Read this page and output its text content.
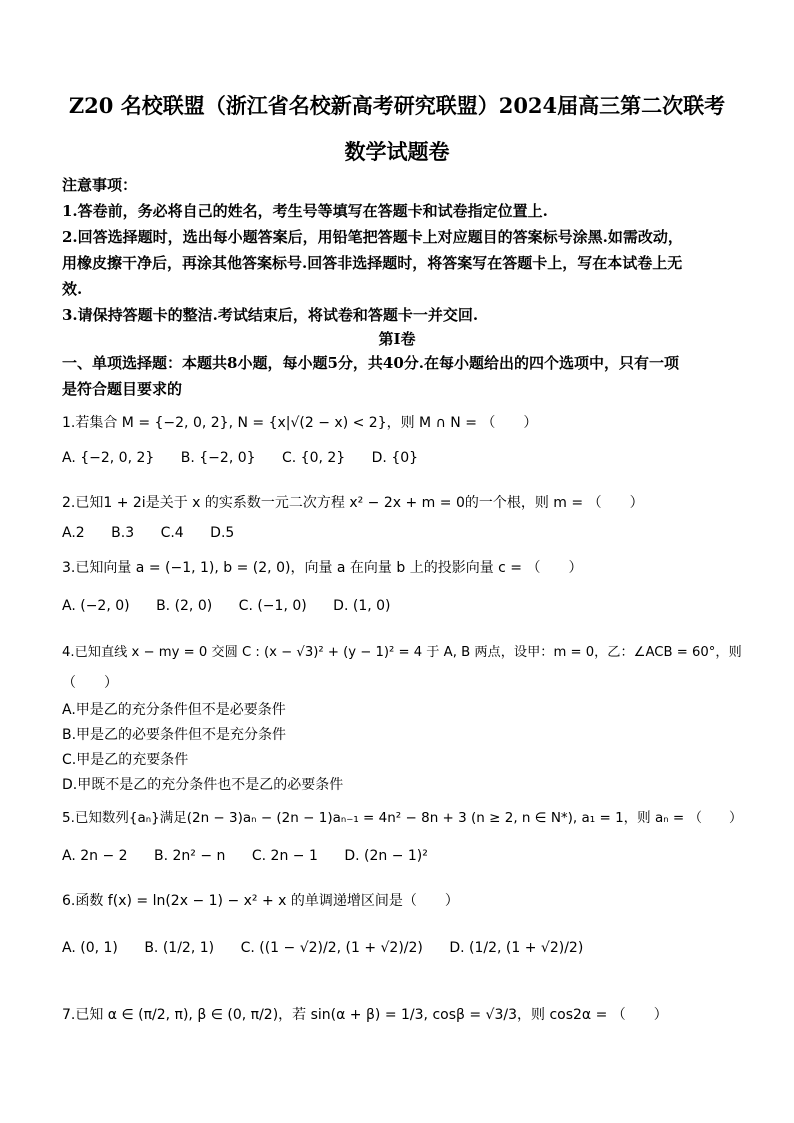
Z20 名校联盟（浙江省名校新高考研究联盟）2024届高三第二次联考
数学试题卷
注意事项：
1.答卷前，务必将自己的姓名，考生号等填写在答题卡和试卷指定位置上.
2.回答选择题时，选出每小题答案后，用铅笔把答题卡上对应题目的答案标号涂黑.如需改动，
用橡皮擦干净后，再涂其他答案标号.回答非选择题时，将答案写在答题卡上，写在本试卷上无
效.
3.请保持答题卡的整洁.考试结束后，将试卷和答题卡一并交回.
第Ⅰ卷
一、单项选择题：本题共8小题，每小题5分，共40分.在每小题给出的四个选项中，只有一项
是符合题目要求的
1.若集合 M = {−2, 0, 2}, N = {x|√(2 − x) < 2}，则 M ∩ N = （　　）
A. {−2, 0, 2} B. {−2, 0} C. {0, 2} D. {0}
2.已知1 + 2i是关于 x 的实系数一元二次方程 x² − 2x + m = 0的一个根，则 m = （　　）
A.2 B.3 C.4 D.5
3.已知向量 a = (−1, 1), b = (2, 0)，向量 a 在向量 b 上的投影向量 c = （　　）
A. (−2, 0) B. (2, 0) C. (−1, 0) D. (1, 0)
4.已知直线 x − my = 0 交圆 C : (x − √3)² + (y − 1)² = 4 于 A, B 两点，设甲：m = 0，乙：∠ACB = 60°，则
（　　）
A.甲是乙的充分条件但不是必要条件
B.甲是乙的必要条件但不是充分条件
C.甲是乙的充要条件
D.甲既不是乙的充分条件也不是乙的必要条件
5.已知数列{aₙ}满足(2n − 3)aₙ − (2n − 1)aₙ₋₁ = 4n² − 8n + 3 (n ≥ 2, n ∈ N*), a₁ = 1，则 aₙ = （　　）
A. 2n − 2 B. 2n² − n C. 2n − 1 D. (2n − 1)²
6.函数 f(x) = ln(2x − 1) − x² + x 的单调递增区间是（　　）
A. (0, 1) B. (1/2, 1) C. ((1 − √2)/2, (1 + √2)/2) D. (1/2, (1 + √2)/2)
7.已知 α ∈ (π/2, π), β ∈ (0, π/2)，若 sin(α + β) = 1/3, cosβ = √3/3，则 cos2α = （　　）
